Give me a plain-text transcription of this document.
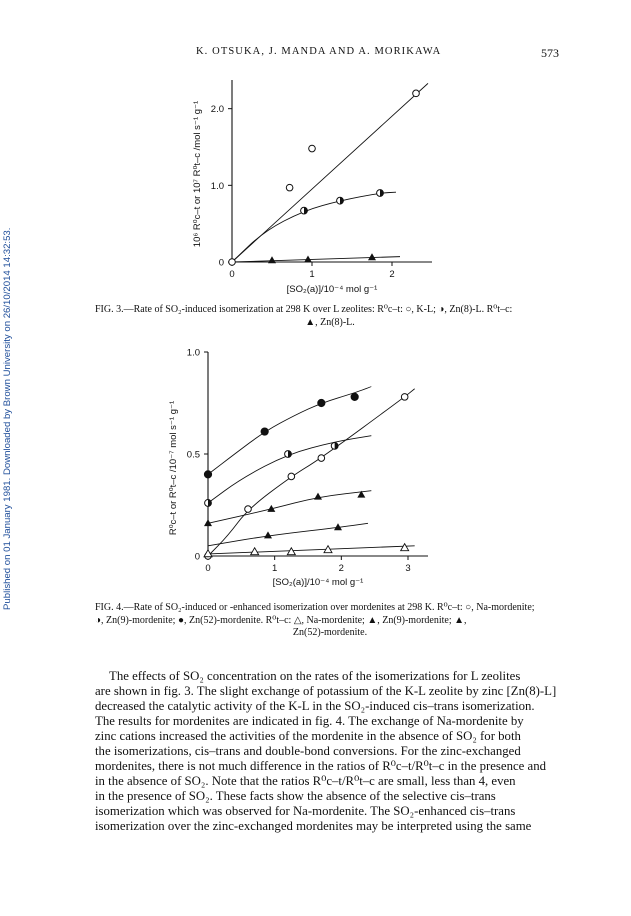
Published on 01 January 1981. Downloaded by Brown University on 26/10/2014 14:32:53.
K. OTSUKA, J. MANDA AND A. MORIKAWA	573
0	1	2
0
1.0
2.0
10⁶ R⁰c–t or 10⁷ R⁰t–c /mol s⁻¹ g⁻¹
[SO₂(a)]/10⁻⁴ mol g⁻¹
FIG. 3.—Rate of SO₂-induced isomerization at 298 K over L zeolites: R⁰c–t: ○, K-L; ◑, Zn(8)-L. R⁰t–c:

▲, Zn(8)-L.
0	1	2	3
0
0.5
1.0
R⁰c–t or R⁰t–c /10⁻⁷ mol s⁻¹ g⁻¹
[SO₂(a)]/10⁻⁴ mol g⁻¹
FIG. 4.—Rate of SO₂-induced or -enhanced isomerization over mordenites at 298 K. R⁰c–t: ○, Na-mordenite;
◑, Zn(9)-mordenite; ●, Zn(52)-mordenite. R⁰t–c: △, Na-mordenite; ▲, Zn(9)-mordenite; ▲,

Zn(52)-mordenite.

The effects of SO₂ concentration on the rates of the isomerizations for L zeolites

are shown in fig. 3. The slight exchange of potassium of the K-L zeolite by zinc [Zn(8)-L]
decreased the catalytic activity of the K-L in the SO₂-induced cis–trans isomerization.
The results for mordenites are indicated in fig. 4. The exchange of Na-mordenite by
zinc cations increased the activities of the mordenite in the absence of SO₂ for both
the isomerizations, cis–trans and double-bond conversions. For the zinc-exchanged
mordenites, there is not much difference in the ratios of R⁰c–t/R⁰t–c in the presence and
in the absence of SO₂. Note that the ratios R⁰c–t/R⁰t–c are small, less than 4, even
in the presence of SO₂. These facts show the absence of the selective cis–trans
isomerization which was observed for Na-mordenite. The SO₂-enhanced cis–trans
isomerization over the zinc-exchanged mordenites may be interpreted using the same
